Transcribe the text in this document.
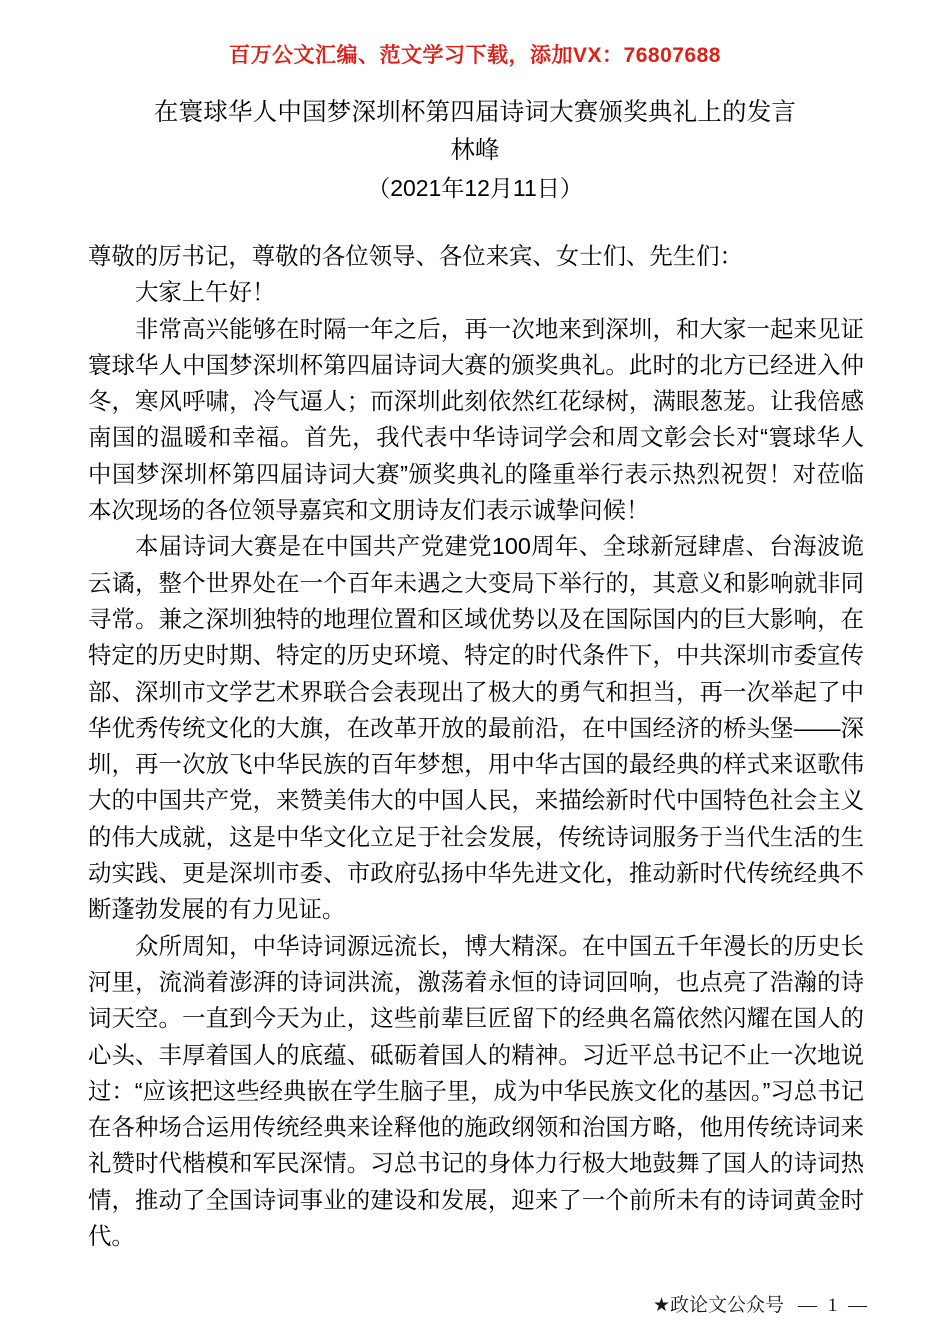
百万公文汇编、范文学习下载，添加VX：76807688
在寰球华人中国梦深圳杯第四届诗词大赛颁奖典礼上的发言
林峰
（2021年12月11日）

尊敬的厉书记，尊敬的各位领导、各位来宾、女士们、先生们：

大家上午好！

非常高兴能够在时隔一年之后，再一次地来到深圳，和大家一起来见证寰球华人中国梦深圳杯第四届诗词大赛的颁奖典礼。此时的北方已经进入仲冬，寒风呼啸，冷气逼人；而深圳此刻依然红花绿树，满眼葱茏。让我倍感南国的温暖和幸福。首先，我代表中华诗词学会和周文彰会长对“寰球华人中国梦深圳杯第四届诗词大赛”颁奖典礼的隆重举行表示热烈祝贺！对莅临本次现场的各位领导嘉宾和文朋诗友们表示诚挚问候！

本届诗词大赛是在中国共产党建党100周年、全球新冠肆虐、台海波诡云谲，整个世界处在一个百年未遇之大变局下举行的，其意义和影响就非同寻常。兼之深圳独特的地理位置和区域优势以及在国际国内的巨大影响，在特定的历史时期、特定的历史环境、特定的时代条件下，中共深圳市委宣传部、深圳市文学艺术界联合会表现出了极大的勇气和担当，再一次举起了中华优秀传统文化的大旗，在改革开放的最前沿，在中国经济的桥头堡——深圳，再一次放飞中华民族的百年梦想，用中华古国的最经典的样式来讴歌伟大的中国共产党，来赞美伟大的中国人民，来描绘新时代中国特色社会主义的伟大成就，这是中华文化立足于社会发展，传统诗词服务于当代生活的生动实践、更是深圳市委、市政府弘扬中华先进文化，推动新时代传统经典不断蓬勃发展的有力见证。

众所周知，中华诗词源远流长，博大精深。在中国五千年漫长的历史长河里，流淌着澎湃的诗词洪流，激荡着永恒的诗词回响，也点亮了浩瀚的诗词天空。一直到今天为止，这些前辈巨匠留下的经典名篇依然闪耀在国人的心头、丰厚着国人的底蕴、砥砺着国人的精神。习近平总书记不止一次地说过：“应该把这些经典嵌在学生脑子里，成为中华民族文化的基因。”习总书记在各种场合运用传统经典来诠释他的施政纲领和治国方略，他用传统诗词来礼赞时代楷模和军民深情。习总书记的身体力行极大地鼓舞了国人的诗词热情，推动了全国诗词事业的建设和发展，迎来了一个前所未有的诗词黄金时代。

★政论文公众号 — 1 —
